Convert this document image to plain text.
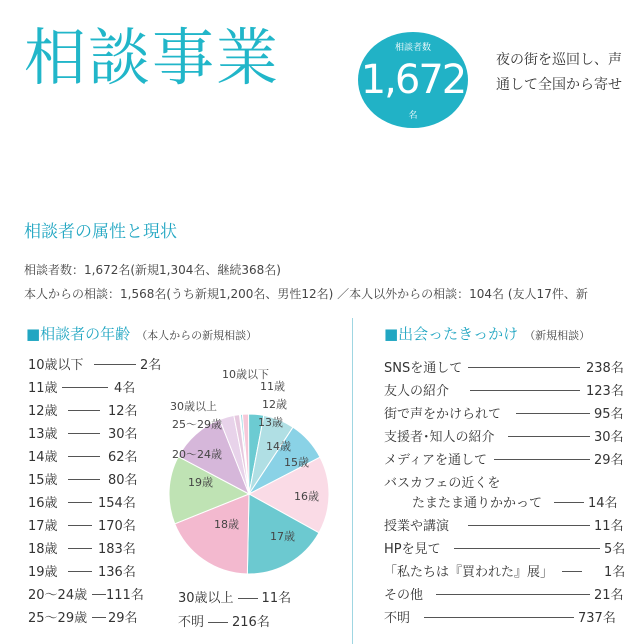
相談事業	相談者数
1,672
名
夜の街を巡回し、声
通して全国から寄せ
相談者の属性と現状
相談者数：1,672名(新規1,304名、継続368名)
本人からの相談：1,568名(うち新規1,200名、男性12名) ／本人以外からの相談：104名 (友人17件、新
■相談者の年齢 （本人からの新規相談）	■出会ったきっかけ （新規相談）
10歳以下	2名
11歳	4名
12歳	12名
13歳	30名
14歳	62名
15歳	80名
16歳	154名
17歳	170名
18歳	183名
19歳	136名
20～24歳 111名
25～29歳 29名
10歳以下
11歳
12歳
13歳
14歳
15歳
16歳
17歳
18歳
19歳
20～24歳
25～29歳
30歳以上
30歳以上 11名
不明 216名
SNSを通して	238名
友人の紹介	123名
街で声をかけられて	95名
支援者･知人の紹介	30名
メディアを通して	29名
バスカフェの近くを
たまたま通りかかって	14名
授業や講演	11名
HPを見て	5名
「私たちは『買われた』展」	1名
その他	21名
不明	737名
